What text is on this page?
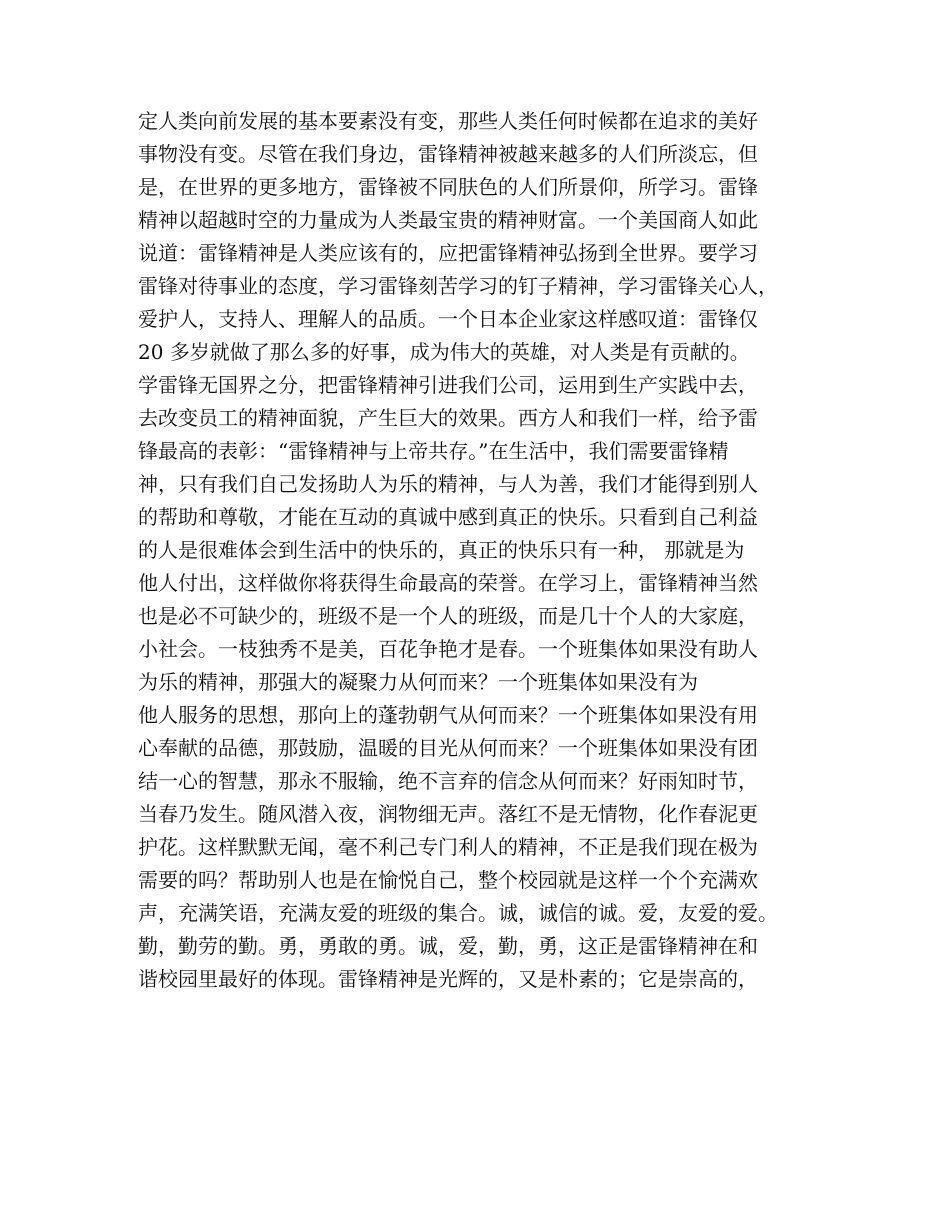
定人类向前发展的基本要素没有变，那些人类任何时候都在追求的美好
事物没有变。尽管在我们身边，雷锋精神被越来越多的人们所淡忘，但
是，在世界的更多地方，雷锋被不同肤色的人们所景仰，所学习。雷锋
精神以超越时空的力量成为人类最宝贵的精神财富。一个美国商人如此
说道：雷锋精神是人类应该有的，应把雷锋精神弘扬到全世界。要学习
雷锋对待事业的态度，学习雷锋刻苦学习的钉子精神，学习雷锋关心人，
爱护人，支持人、理解人的品质。一个日本企业家这样感叹道：雷锋仅
20 多岁就做了那么多的好事，成为伟大的英雄，对人类是有贡献的。
学雷锋无国界之分，把雷锋精神引进我们公司，运用到生产实践中去，
去改变员工的精神面貌，产生巨大的效果。西方人和我们一样，给予雷
锋最高的表彰：“雷锋精神与上帝共存。”在生活中，我们需要雷锋精
神，只有我们自己发扬助人为乐的精神，与人为善，我们才能得到别人
的帮助和尊敬，才能在互动的真诚中感到真正的快乐。只看到自己利益
的人是很难体会到生活中的快乐的，真正的快乐只有一种， 那就是为
他人付出，这样做你将获得生命最高的荣誉。在学习上，雷锋精神当然
也是必不可缺少的，班级不是一个人的班级，而是几十个人的大家庭，
小社会。一枝独秀不是美，百花争艳才是春。一个班集体如果没有助人
为乐的精神，那强大的凝聚力从何而来？一个班集体如果没有为
他人服务的思想，那向上的蓬勃朝气从何而来？一个班集体如果没有用
心奉献的品德，那鼓励，温暖的目光从何而来？一个班集体如果没有团
结一心的智慧，那永不服输，绝不言弃的信念从何而来？好雨知时节，
当春乃发生。随风潜入夜，润物细无声。落红不是无情物，化作春泥更
护花。这样默默无闻，毫不利己专门利人的精神，不正是我们现在极为
需要的吗？帮助别人也是在愉悦自己，整个校园就是这样一个个充满欢
声，充满笑语，充满友爱的班级的集合。诚，诚信的诚。爱，友爱的爱。
勤，勤劳的勤。勇，勇敢的勇。诚，爱，勤，勇，这正是雷锋精神在和
谐校园里最好的体现。雷锋精神是光辉的，又是朴素的；它是崇高的，
